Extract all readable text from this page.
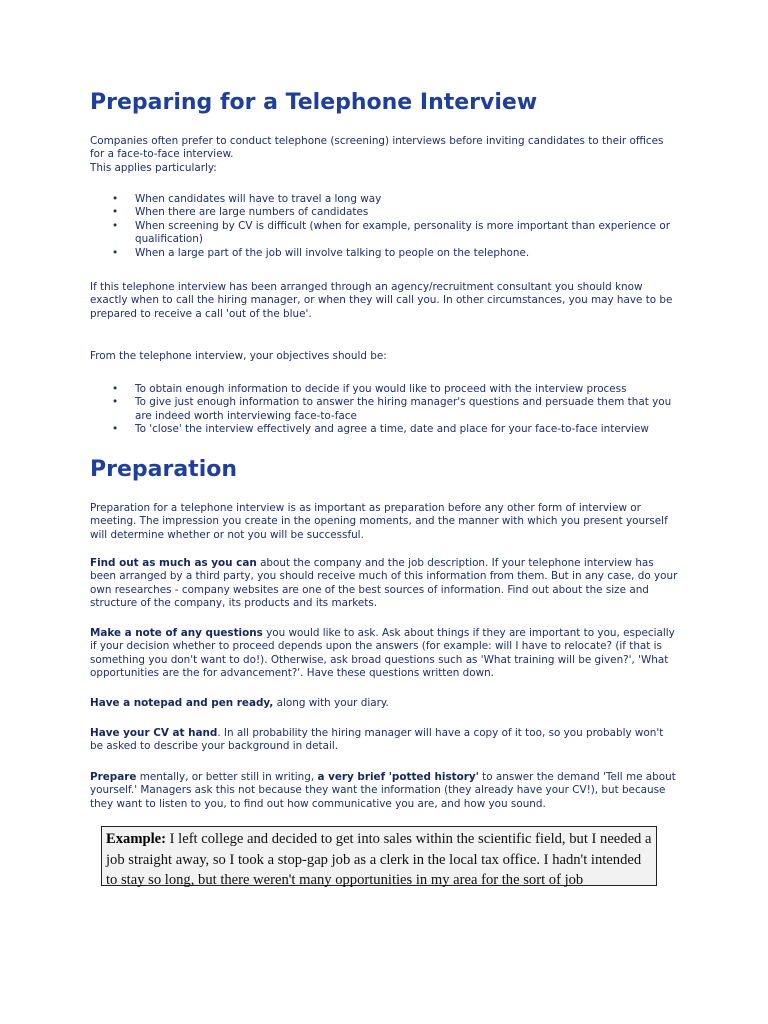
Preparing for a Telephone Interview

Companies often prefer to conduct telephone (screening) interviews before inviting candidates to their offices for a face-to-face interview.
This applies particularly:

• When candidates will have to travel a long way
• When there are large numbers of candidates
• When screening by CV is difficult (when for example, personality is more important than experience or qualification)
• When a large part of the job will involve talking to people on the telephone.

If this telephone interview has been arranged through an agency/recruitment consultant you should know exactly when to call the hiring manager, or when they will call you. In other circumstances, you may have to be prepared to receive a call 'out of the blue'.

From the telephone interview, your objectives should be:

• To obtain enough information to decide if you would like to proceed with the interview process
• To give just enough information to answer the hiring manager's questions and persuade them that you are indeed worth interviewing face-to-face
• To 'close' the interview effectively and agree a time, date and place for your face-to-face interview
Preparation

Preparation for a telephone interview is as important as preparation before any other form of interview or meeting. The impression you create in the opening moments, and the manner with which you present yourself will determine whether or not you will be successful.

Find out as much as you can about the company and the job description. If your telephone interview has been arranged by a third party, you should receive much of this information from them. But in any case, do your own researches - company websites are one of the best sources of information. Find out about the size and structure of the company, its products and its markets.

Make a note of any questions you would like to ask. Ask about things if they are important to you, especially if your decision whether to proceed depends upon the answers (for example: will I have to relocate? (if that is something you don't want to do!). Otherwise, ask broad questions such as 'What training will be given?', 'What opportunities are the for advancement?'. Have these questions written down.

Have a notepad and pen ready, along with your diary.

Have your CV at hand. In all probability the hiring manager will have a copy of it too, so you probably won't be asked to describe your background in detail.

Prepare mentally, or better still in writing, a very brief 'potted history' to answer the demand 'Tell me about yourself.' Managers ask this not because they want the information (they already have your CV!), but because they want to listen to you, to find out how communicative you are, and how you sound.

Example: I left college and decided to get into sales within the scientific field, but I needed a job straight away, so I took a stop-gap job as a clerk in the local tax office. I hadn't intended to stay so long, but there weren't many opportunities in my area for the sort of job
